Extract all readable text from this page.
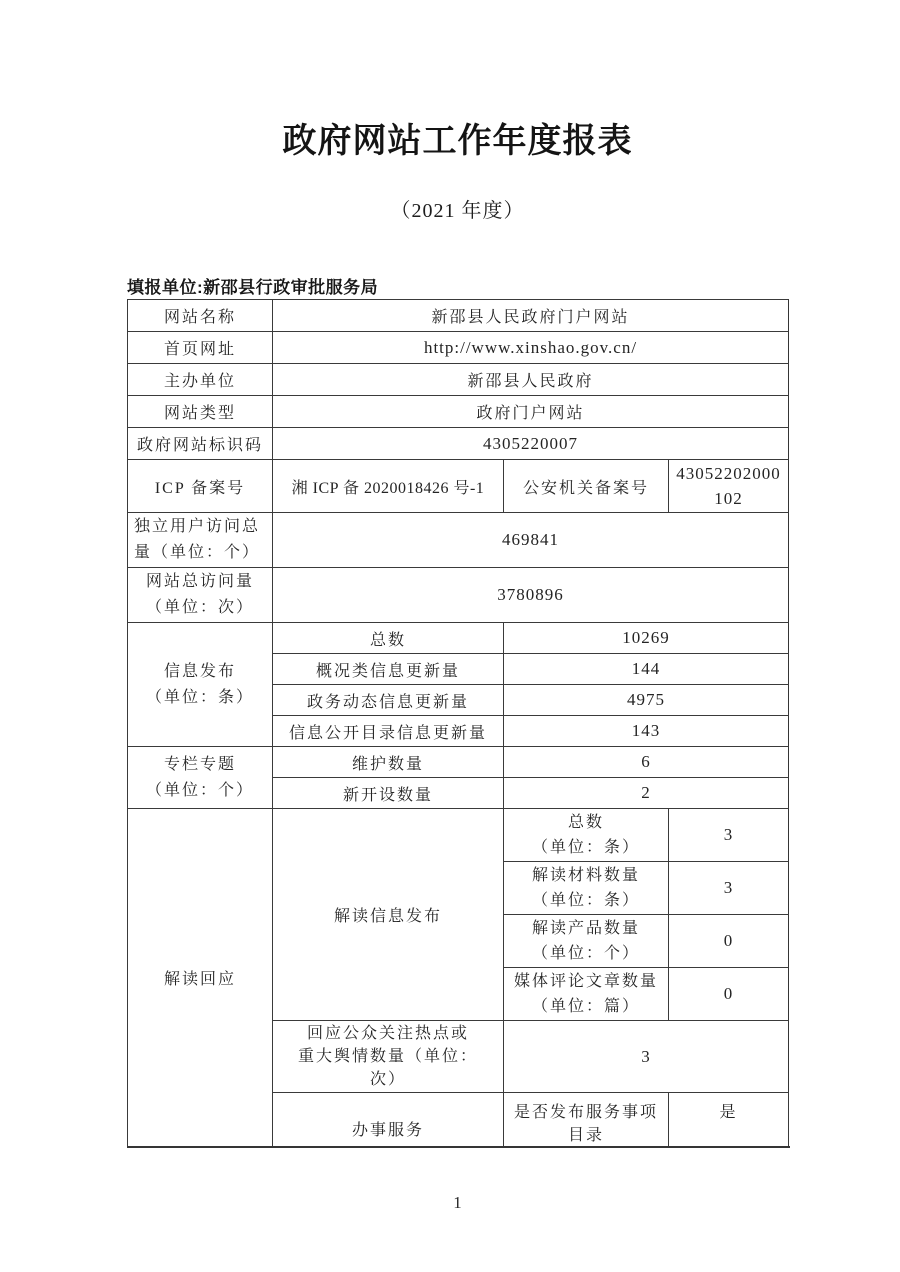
政府网站工作年度报表
（2021 年度）
填报单位:新邵县行政审批服务局
网站名称	新邵县人民政府门户网站		
首页网址	http://www.xinshao.gov.cn/		
主办单位	新邵县人民政府		
网站类型	政府门户网站		
政府网站标识码	4305220007		
ICP 备案号	湘 ICP 备 2020018426 号-1	公安机关备案号	43052202000
102

独立用户访问总
量（单位：个）	469841		

网站总访问量
（单位：次）	3780896		

信息发布
（单位：条）	总数	10269	
	概况类信息更新量	144	
	政务动态信息更新量	4975	
	信息公开目录信息更新量	143	

专栏专题
（单位：个）	维护数量	6	
	新开设数量	2	
解读回应	解读信息发布	总数
（单位：条）	3

		解读材料数量
（单位：条）	3

		解读产品数量
（单位：个）	0

		媒体评论文章数量
（单位：篇）	0

	回应公众关注热点或
重大舆情数量（单位：
次）	3	
	办事服务	是否发布服务事项目录	是
1
